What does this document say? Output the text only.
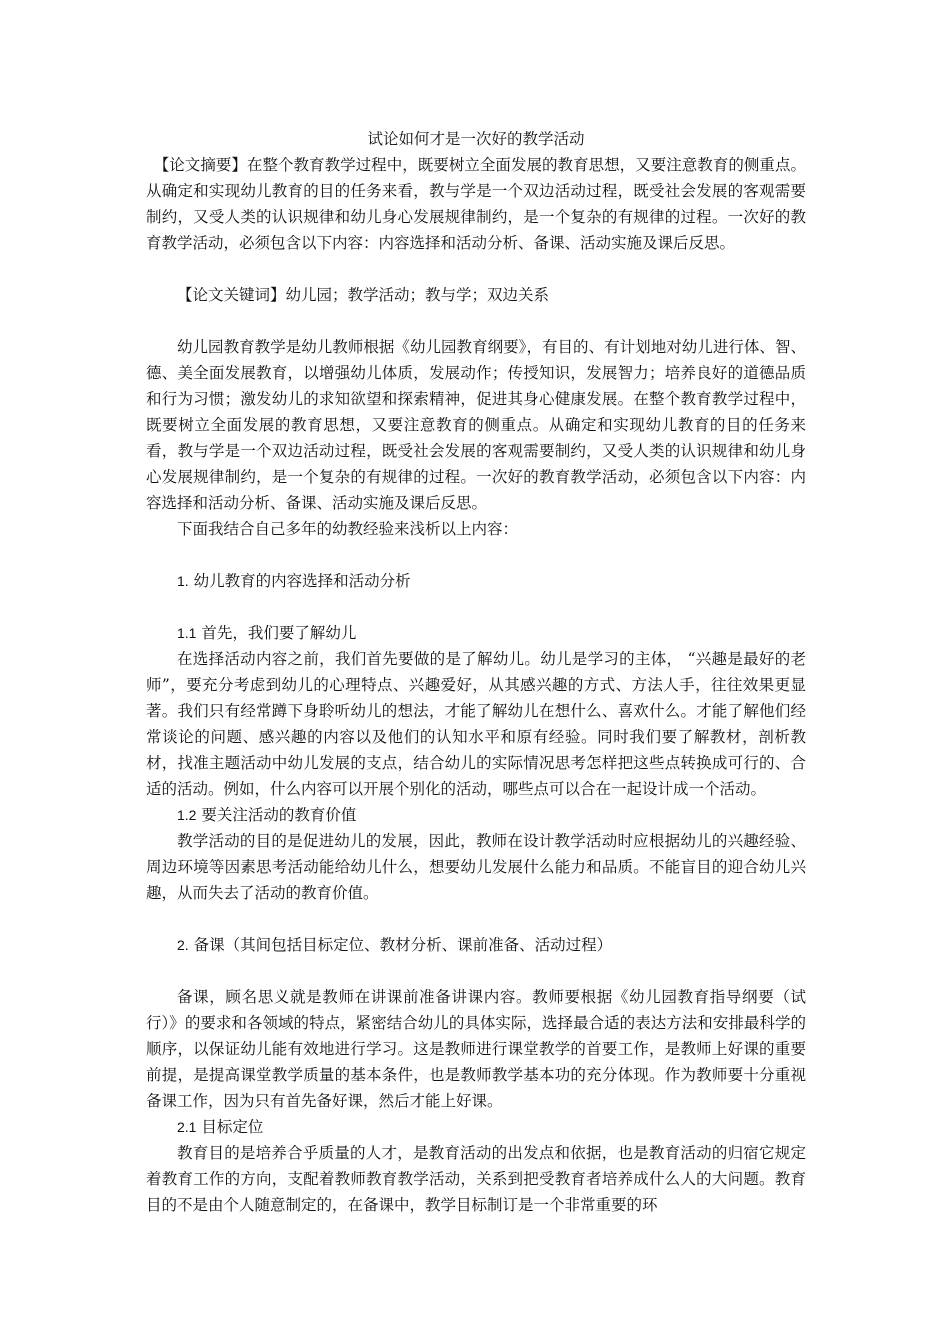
试论如何才是一次好的教学活动

【论文摘要】在整个教育教学过程中，既要树立全面发展的教育思想，又要注意教育的侧重点。从确定和实现幼儿教育的目的任务来看，教与学是一个双边活动过程，既受社会发展的客观需要制约，又受人类的认识规律和幼儿身心发展规律制约，是一个复杂的有规律的过程。一次好的教育教学活动，必须包含以下内容：内容选择和活动分析、备课、活动实施及课后反思。

【论文关键词】幼儿园；教学活动；教与学；双边关系

幼儿园教育教学是幼儿教师根据《幼儿园教育纲要》，有目的、有计划地对幼儿进行体、智、德、美全面发展教育，以增强幼儿体质，发展动作；传授知识，发展智力；培养良好的道德品质和行为习惯；激发幼儿的求知欲望和探索精神，促进其身心健康发展。在整个教育教学过程中，既要树立全面发展的教育思想，又要注意教育的侧重点。从确定和实现幼儿教育的目的任务来看，教与学是一个双边活动过程，既受社会发展的客观需要制约，又受人类的认识规律和幼儿身心发展规律制约，是一个复杂的有规律的过程。一次好的教育教学活动，必须包含以下内容：内容选择和活动分析、备课、活动实施及课后反思。

下面我结合自己多年的幼教经验来浅析以上内容：

1. 幼儿教育的内容选择和活动分析

1.1 首先，我们要了解幼儿

在选择活动内容之前，我们首先要做的是了解幼儿。幼儿是学习的主体， “兴趣是最好的老师”，要充分考虑到幼儿的心理特点、兴趣爱好，从其感兴趣的方式、方法人手，往往效果更显著。我们只有经常蹲下身聆听幼儿的想法，才能了解幼儿在想什么、喜欢什么。才能了解他们经常谈论的问题、感兴趣的内容以及他们的认知水平和原有经验。同时我们要了解教材，剖析教材，找准主题活动中幼儿发展的支点，结合幼儿的实际情况思考怎样把这些点转换成可行的、合适的活动。例如，什么内容可以开展个别化的活动，哪些点可以合在一起设计成一个活动。

1.2 要关注活动的教育价值

教学活动的目的是促进幼儿的发展，因此，教师在设计教学活动时应根据幼儿的兴趣经验、周边环境等因素思考活动能给幼儿什么，想要幼儿发展什么能力和品质。不能盲目的迎合幼儿兴趣，从而失去了活动的教育价值。

2. 备课（其间包括目标定位、教材分析、课前准备、活动过程）

备课，顾名思义就是教师在讲课前准备讲课内容。教师要根据《幼儿园教育指导纲要（试行）》的要求和各领域的特点，紧密结合幼儿的具体实际，选择最合适的表达方法和安排最科学的顺序，以保证幼儿能有效地进行学习。这是教师进行课堂教学的首要工作，是教师上好课的重要前提，是提高课堂教学质量的基本条件，也是教师教学基本功的充分体现。作为教师要十分重视备课工作，因为只有首先备好课，然后才能上好课。

2.1 目标定位

教育目的是培养合乎质量的人才，是教育活动的出发点和依据，也是教育活动的归宿它规定着教育工作的方向，支配着教师教育教学活动，关系到把受教育者培养成什么人的大问题。教育目的不是由个人随意制定的，在备课中，教学目标制订是一个非常重要的环
